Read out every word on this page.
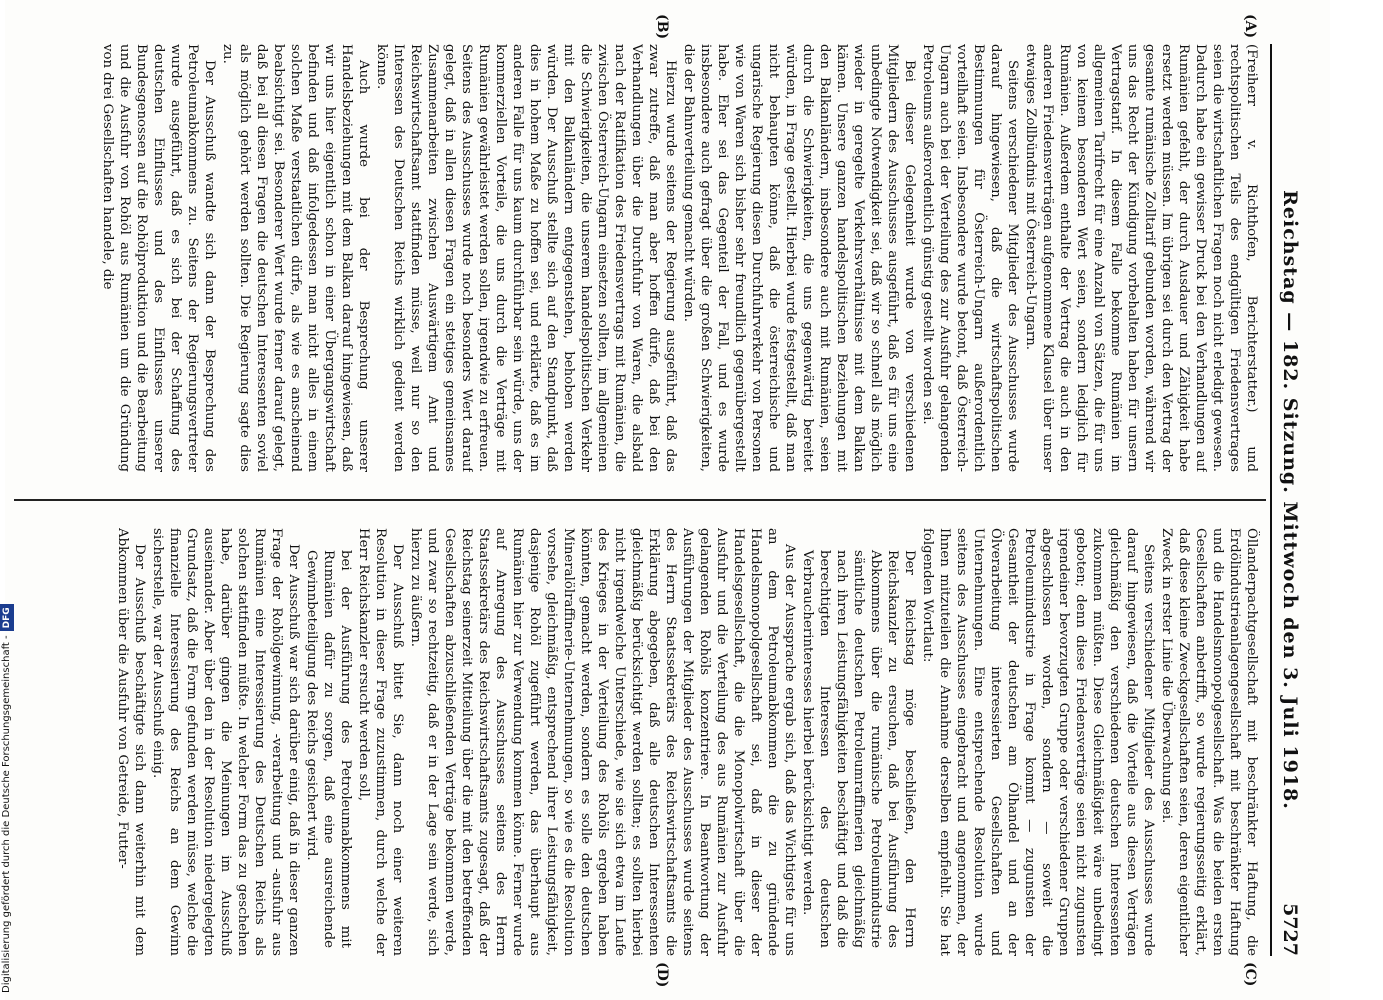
Reichstag — 182. Sitzung. Mittwoch den 3. Juli 1918.
5727
(A)
(B)
(C)
(D)

(Freiherr v. Richthofen, Berichterstatter.) und rechtspolitischen Teils des endgültigen Friedensvertrages seien die wirtschaftlichen Fragen noch nicht erledigt gewesen. Dadurch habe ein gewisser Druck bei den Verhandlungen auf Rumänien gefehlt, der durch Ausdauer und Zähigkeit habe ersetzt werden müssen. Im übrigen sei durch den Vertrag der gesamte rumänische Zolltarif gebunden worden, während wir uns das Recht der Kündigung vorbehalten haben für unsern Vertragstarif. In diesem Falle bekomme Rumänien im allgemeinen Tarifrecht für eine Anzahl von Sätzen, die für uns von keinem besonderen Wert seien, sondern lediglich für Rumänien. Außerdem enthalte der Vertrag die auch in den anderen Friedensverträgen aufgenommene Klausel über unser etwaiges Zollbündnis mit Österreich-Ungarn.

Seitens verschiedener Mitglieder des Ausschusses wurde darauf hingewiesen, daß die wirtschaftspolitischen Bestimmungen für Österreich-Ungarn außerordentlich vorteilhaft seien. Insbesondere wurde betont, daß Österreich-Ungarn auch bei der Verteilung des zur Ausfuhr gelangenden Petroleums außerordentlich günstig gestellt worden sei.

Bei dieser Gelegenheit wurde von verschiedenen Mitgliedern des Ausschusses ausgeführt, daß es für uns eine unbedingte Notwendigkeit sei, daß wir so schnell als möglich wieder in geregelte Verkehrsverhältnisse mit dem Balkan kämen. Unsere ganzen handelspolitischen Beziehungen mit den Balkanländern, insbesondere auch mit Rumänien, seien durch die Schwierigkeiten, die uns gegenwärtig bereitet würden, in Frage gestellt. Hierbei wurde festgestellt, daß man nicht behaupten könne, daß die österreichische und ungarische Regierung diesen Durchfuhrverkehr von Personen wie von Waren sich bisher sehr freundlich gegenübergestellt habe. Eher sei das Gegenteil der Fall, und es wurde insbesondere auch gefragt über die großen Schwierigkeiten, die der Bahnverteilung gemacht würden.

Hierzu wurde seitens der Regierung ausgeführt, daß das zwar zutreffe, daß man aber hoffen dürfe, daß bei den Verhandlungen über die Durchfuhr von Waren, die alsbald nach der Ratifikation des Friedensvertrags mit Rumänien, die zwischen Österreich-Ungarn einsetzen sollten, im allgemeinen die Schwierigkeiten, die unserem handelspolitischen Verkehr mit den Balkanländern entgegenstehen, behoben werden würden. Der Ausschuß stellte sich auf den Standpunkt, daß dies in hohem Maße zu hoffen sei, und erklärte, daß es im anderen Falle für uns kaum durchführbar sein würde, uns der kommerziellen Vorteile, die uns durch die Verträge mit Rumänien gewährleistet werden sollen, irgendwie zu erfreuen. Seitens des Ausschusses wurde noch besonders Wert darauf gelegt, daß in allen diesen Fragen ein stetiges gemeinsames Zusammenarbeiten zwischen Auswärtigem Amt und Reichswirtschaftsamt stattfinden müsse, weil nur so den Interessen des Deutschen Reichs wirklich gedient werden könne.

Auch wurde bei der Besprechung unserer Handelsbeziehungen mit dem Balkan darauf hingewiesen, daß wir uns hier eigentlich schon in einer Übergangswirtschaft befinden und daß infolgedessen man nicht alles in einem solchen Maße verstaatlichen dürfe, als wie es anscheinend beabsichtigt sei. Besonderer Wert wurde ferner darauf gelegt, daß bei all diesen Fragen die deutschen Interessenten soviel als möglich gehört werden sollten. Die Regierung sagte dies zu.

Der Ausschuß wandte sich dann der Besprechung des Petroleumabkommens zu. Seitens der Regierungsvertreter wurde ausgeführt, daß es sich bei der Schaffung des deutschen Einflusses und des Einflusses unserer Bundesgenossen auf die Rohölproduktion und die Bearbeitung und die Ausfuhr von Rohöl aus Rumänien um die Gründung von drei Gesellschaften handele, die

Öllanderpachtgesellschaft mit beschränkter Haftung, die Erdölindustrieanlagengesellschaft mit beschränkter Haftung und die Handelsmonopolgesellschaft. Was die beiden ersten Gesellschaften anbetrifft, so wurde regierungsseitig erklärt, daß diese kleine Zweckgesellschaften seien, deren eigentlicher Zweck in erster Linie die Überwachung sei.

Seitens verschiedener Mitglieder des Ausschusses wurde darauf hingewiesen, daß die Vorteile aus diesen Verträgen gleichmäßig den verschiedenen deutschen Interessenten zukommen müßten. Diese Gleichmäßigkeit wäre unbedingt geboten; denn diese Friedensverträge seien nicht zugunsten irgendeiner bevorzugten Gruppe oder verschiedener Gruppen abgeschlossen worden, sondern — soweit die Petroleumindustrie in Frage kommt — zugunsten der Gesamtheit der deutschen am Ölhandel und an der Ölverarbeitung interessierten Gesellschaften und Unternehmungen. Eine entsprechende Resolution wurde seitens des Ausschusses eingebracht und angenommen, der Ihnen mitzuteilen die Annahme derselben empfiehlt. Sie hat folgenden Wortlaut:

Der Reichstag möge beschließen, den Herrn Reichskanzler zu ersuchen, daß bei Ausführung des Abkommens über die rumänische Petroleumindustrie sämtliche deutschen Petroleumraffinerien gleichmäßig nach ihren Leistungsfähigkeiten beschäftigt und daß die berechtigten Interessen des deutschen Verbraucherinteresses hierbei berücksichtigt werden.

Aus der Aussprache ergab sich, daß das Wichtigste für uns an dem Petroleumabkommen die zu gründende Handelsmonopolgesellschaft sei, daß in dieser der Handelsgesellschaft, die die Monopolwirtschaft über die Ausfuhr und die Verteilung des aus Rumänien zur Ausfuhr gelangenden Rohöls konzentriere. In Beantwortung der Ausführungen der Mitglieder des Ausschusses wurde seitens des Herrn Staatssekretärs des Reichswirtschaftsamts die Erklärung abgegeben, daß alle deutschen Interessenten gleichmäßig berücksichtigt werden sollten; es sollten hierbei nicht irgendwelche Unterschiede, wie sie sich etwa im Laufe des Krieges in der Verteilung des Rohöls ergeben haben könnten, gemacht werden, sondern es solle den deutschen Mineralölraffinerie-Unternehmungen, so wie es die Resolution vorsehe, gleichmäßig, entsprechend ihrer Leistungsfähigkeit, dasjenige Rohöl zugeführt werden, das überhaupt aus Rumänien hier zur Verwendung kommen könne. Ferner wurde auf Anregung des Ausschusses seitens des Herrn Staatssekretärs des Reichswirtschaftsamts zugesagt, daß der Reichstag seinerzeit Mitteilung über die mit den betreffenden Gesellschaften abzuschließenden Verträge bekommen werde, und zwar so rechtzeitig, daß er in der Lage sein werde, sich hierzu zu äußern.

Der Ausschuß bittet Sie, dann noch einer weiteren Resolution in dieser Frage zuzustimmen, durch welche der Herr Reichskanzler ersucht werden soll,

bei der Ausführung des Petroleumabkommens mit Rumänien dafür zu sorgen, daß eine ausreichende Gewinnbeteiligung des Reichs gesichert wird.

Der Ausschuß war sich darüber einig, daß in dieser ganzen Frage der Rohölgewinnung, -verarbeitung und -ausfuhr aus Rumänien eine Interessierung des Deutschen Reichs als solchen stattfinden müßte. In welcher Form das zu geschehen habe, darüber gingen die Meinungen im Ausschuß auseinander. Aber über den in der Resolution niedergelegten Grundsatz, daß die Form gefunden werden müsse, welche die finanzielle Interessierung des Reichs an dem Gewinn sicherstelle, war der Ausschuß einig.

Der Ausschuß beschäftigte sich dann weiterhin mit dem Abkommen über die Ausfuhr von Getreide, Futter-

Digitalisierung gefördert durch die Deutsche Forschungsgemeinschaft -DFG
